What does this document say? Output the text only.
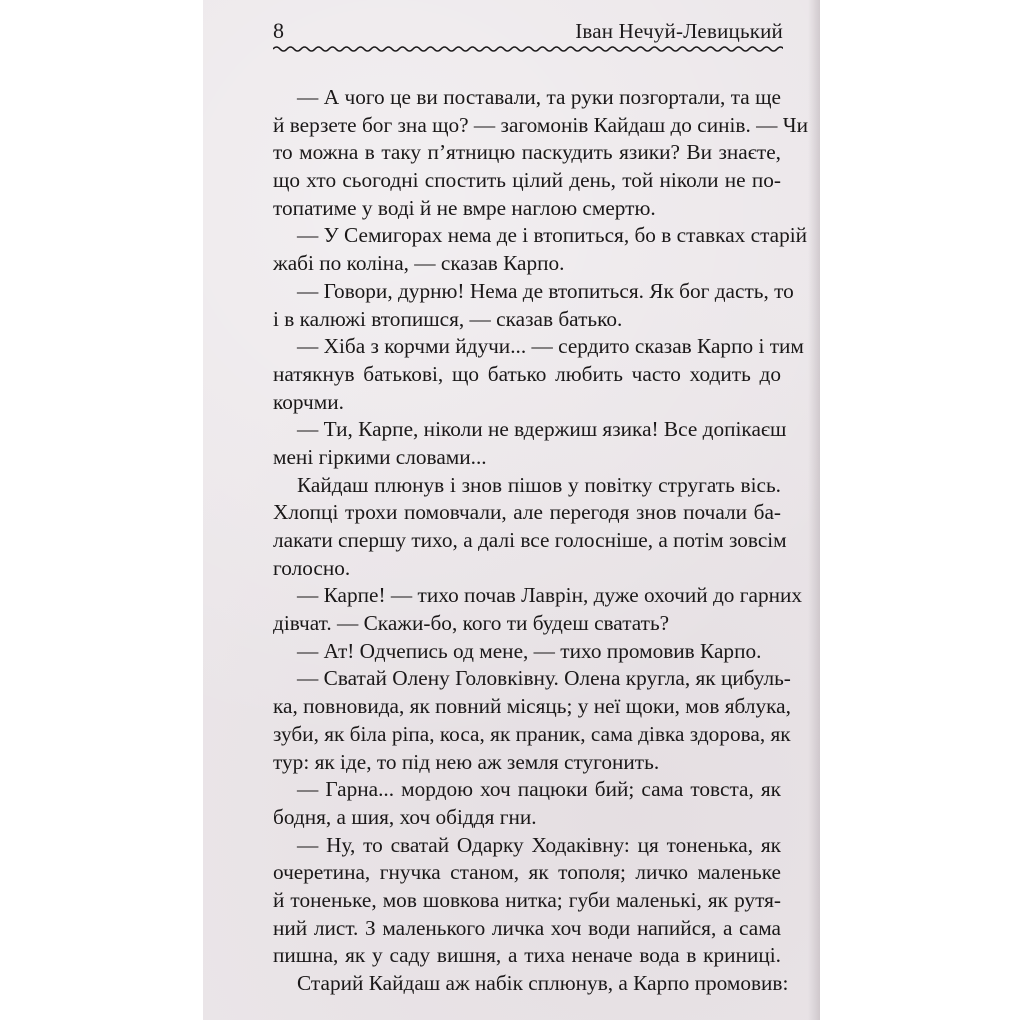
8	Іван Нечуй-Левицький
— А чого це ви поставали, та руки позгортали, та ще
й верзете бог зна що? — загомонів Кайдаш до синів. — Чи
то можна в таку п’ятницю паскудить язики? Ви знаєте,
що хто сьогодні спостить цілий день, той ніколи не по-
топатиме у воді й не вмре наглою смертю.
— У Семигорах нема де і втопиться, бо в ставках старій
жабі по коліна, — сказав Карпо.
— Говори, дурню! Нема де втопиться. Як бог дасть, то
і в калюжі втопишся, — сказав батько.
— Хіба з корчми йдучи... — сердито сказав Карпо і тим
натякнув батькові, що батько любить часто ходить до
корчми.
— Ти, Карпе, ніколи не вдержиш язика! Все допікаєш
мені гіркими словами...
Кайдаш плюнув і знов пішов у повітку стругать вісь.
Хлопці трохи помовчали, але перегодя знов почали ба-
лакати спершу тихо, а далі все голосніше, а потім зовсім
голосно.
— Карпе! — тихо почав Лаврін, дуже охочий до гарних
дівчат. — Скажи-бо, кого ти будеш сватать?
— Ат! Одчепись од мене, — тихо промовив Карпо.
— Сватай Олену Головківну. Олена кругла, як цибуль-
ка, повновида, як повний місяць; у неї щоки, мов яблука,
зуби, як біла ріпа, коса, як праник, сама дівка здорова, як
тур: як іде, то під нею аж земля стугонить.
— Гарна... мордою хоч пацюки бий; сама товста, як
бодня, а шия, хоч обіддя гни.
— Ну, то сватай Одарку Ходаківну: ця тоненька, як
очеретина, гнучка станом, як тополя; личко маленьке
й тоненьке, мов шовкова нитка; губи маленькі, як рутя-
ний лист. З маленького личка хоч води напийся, а сама
пишна, як у саду вишня, а тиха неначе вода в криниці.
Старий Кайдаш аж набік сплюнув, а Карпо промовив:
